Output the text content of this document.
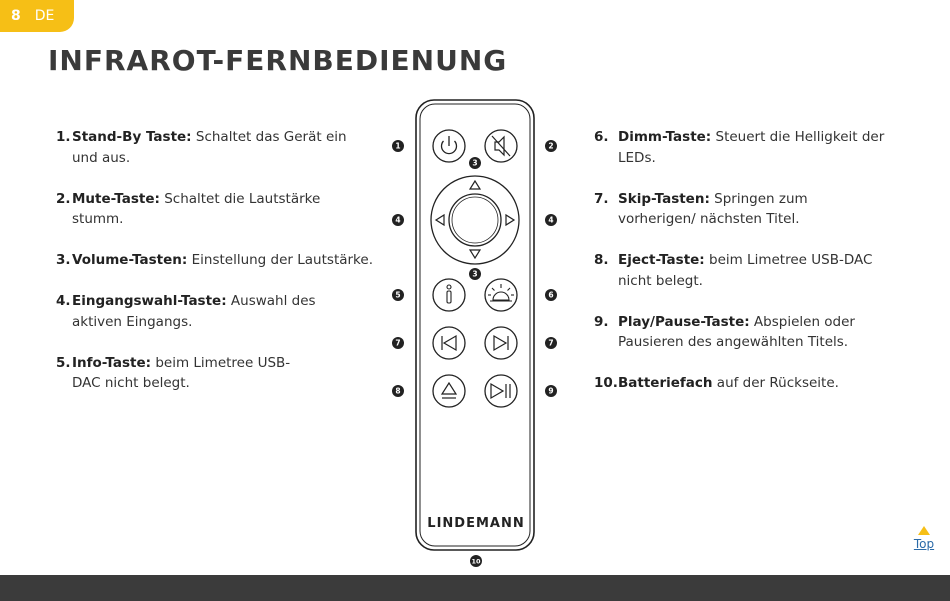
8 DE
INFRAROT-FERNBEDIENUNG
1. Stand-By Taste: Schaltet das Gerät ein und aus.
2. Mute-Taste: Schaltet die Lautstärke stumm.
3. Volume-Tasten: Einstellung der Lautstärke.
4. Eingangswahl-Taste: Auswahl des aktiven Eingangs.
5. Info-Taste: beim Limetree USB-DAC nicht belegt.
6. Dimm-Taste: Steuert die Helligkeit der LEDs.
7. Skip-Tasten: Springen zum vorherigen/ nächsten Titel.
8. Eject-Taste: beim Limetree USB-DAC nicht belegt.
9. Play/Pause-Taste: Abspielen oder Pausieren des angewählten Titels.
10. Batteriefach auf der Rückseite.
LINDEMANN
1	2
3
4	4
3
5	6
7	7
8	9
10
Top
